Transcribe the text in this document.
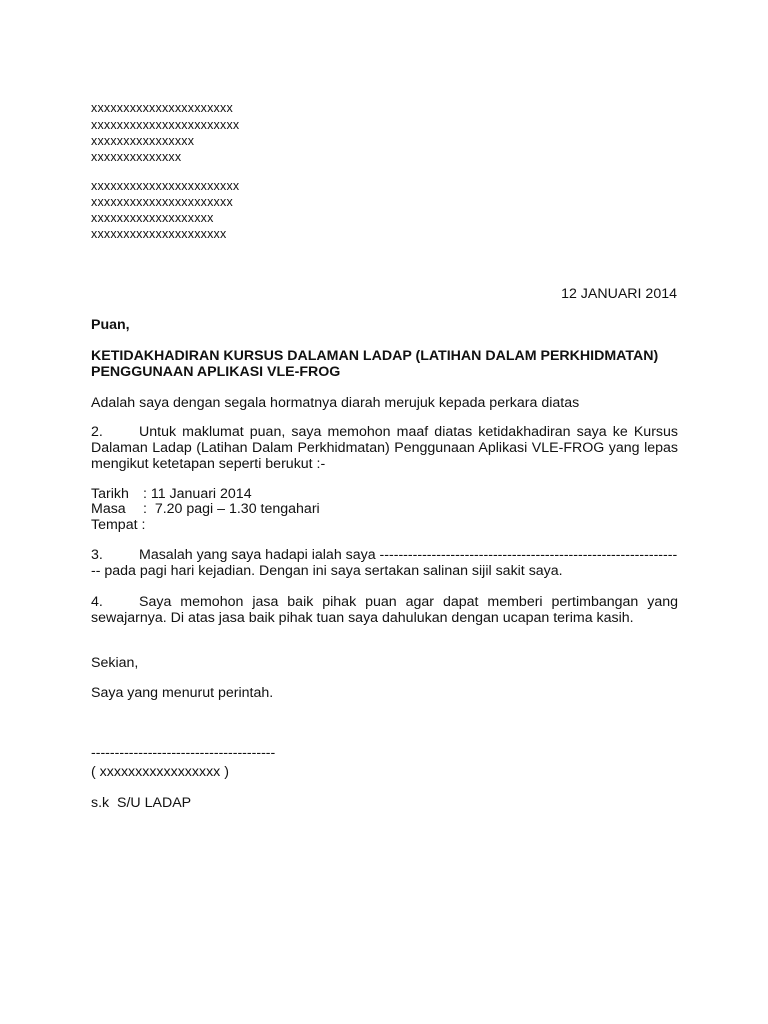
xxxxxxxxxxxxxxxxxxxxxx
xxxxxxxxxxxxxxxxxxxxxxx
xxxxxxxxxxxxxxxx
xxxxxxxxxxxxxx
xxxxxxxxxxxxxxxxxxxxxxx
xxxxxxxxxxxxxxxxxxxxxx
xxxxxxxxxxxxxxxxxxx
xxxxxxxxxxxxxxxxxxxxx
12 JANUARI 2014
Puan,
KETIDAKHADIRAN KURSUS DALAMAN LADAP (LATIHAN DALAM PERKHIDMATAN)
PENGGUNAAN APLIKASI VLE-FROG
Adalah saya dengan segala hormatnya diarah merujuk kepada perkara diatas
2.	Untuk maklumat puan, saya memohon maaf diatas ketidakhadiran saya ke Kursus
Dalaman Ladap (Latihan Dalam Perkhidmatan) Penggunaan Aplikasi VLE-FROG yang lepas
mengikut ketetapan seperti berukut :-
Tarikh : 11 Januari 2014
Masa :  7.20 pagi – 1.30 tengahari
Tempat :
3.	Masalah yang saya hadapi ialah saya ---------------------------------------------------------------
-- pada pagi hari kejadian. Dengan ini saya sertakan salinan sijil sakit saya.
4.	Saya memohon jasa baik pihak puan agar dapat memberi pertimbangan yang
sewajarnya. Di atas jasa baik pihak tuan saya dahulukan dengan ucapan terima kasih.
Sekian,
Saya yang menurut perintah.
---------------------------------------
( xxxxxxxxxxxxxxxxx )
s.k  S/U LADAP
